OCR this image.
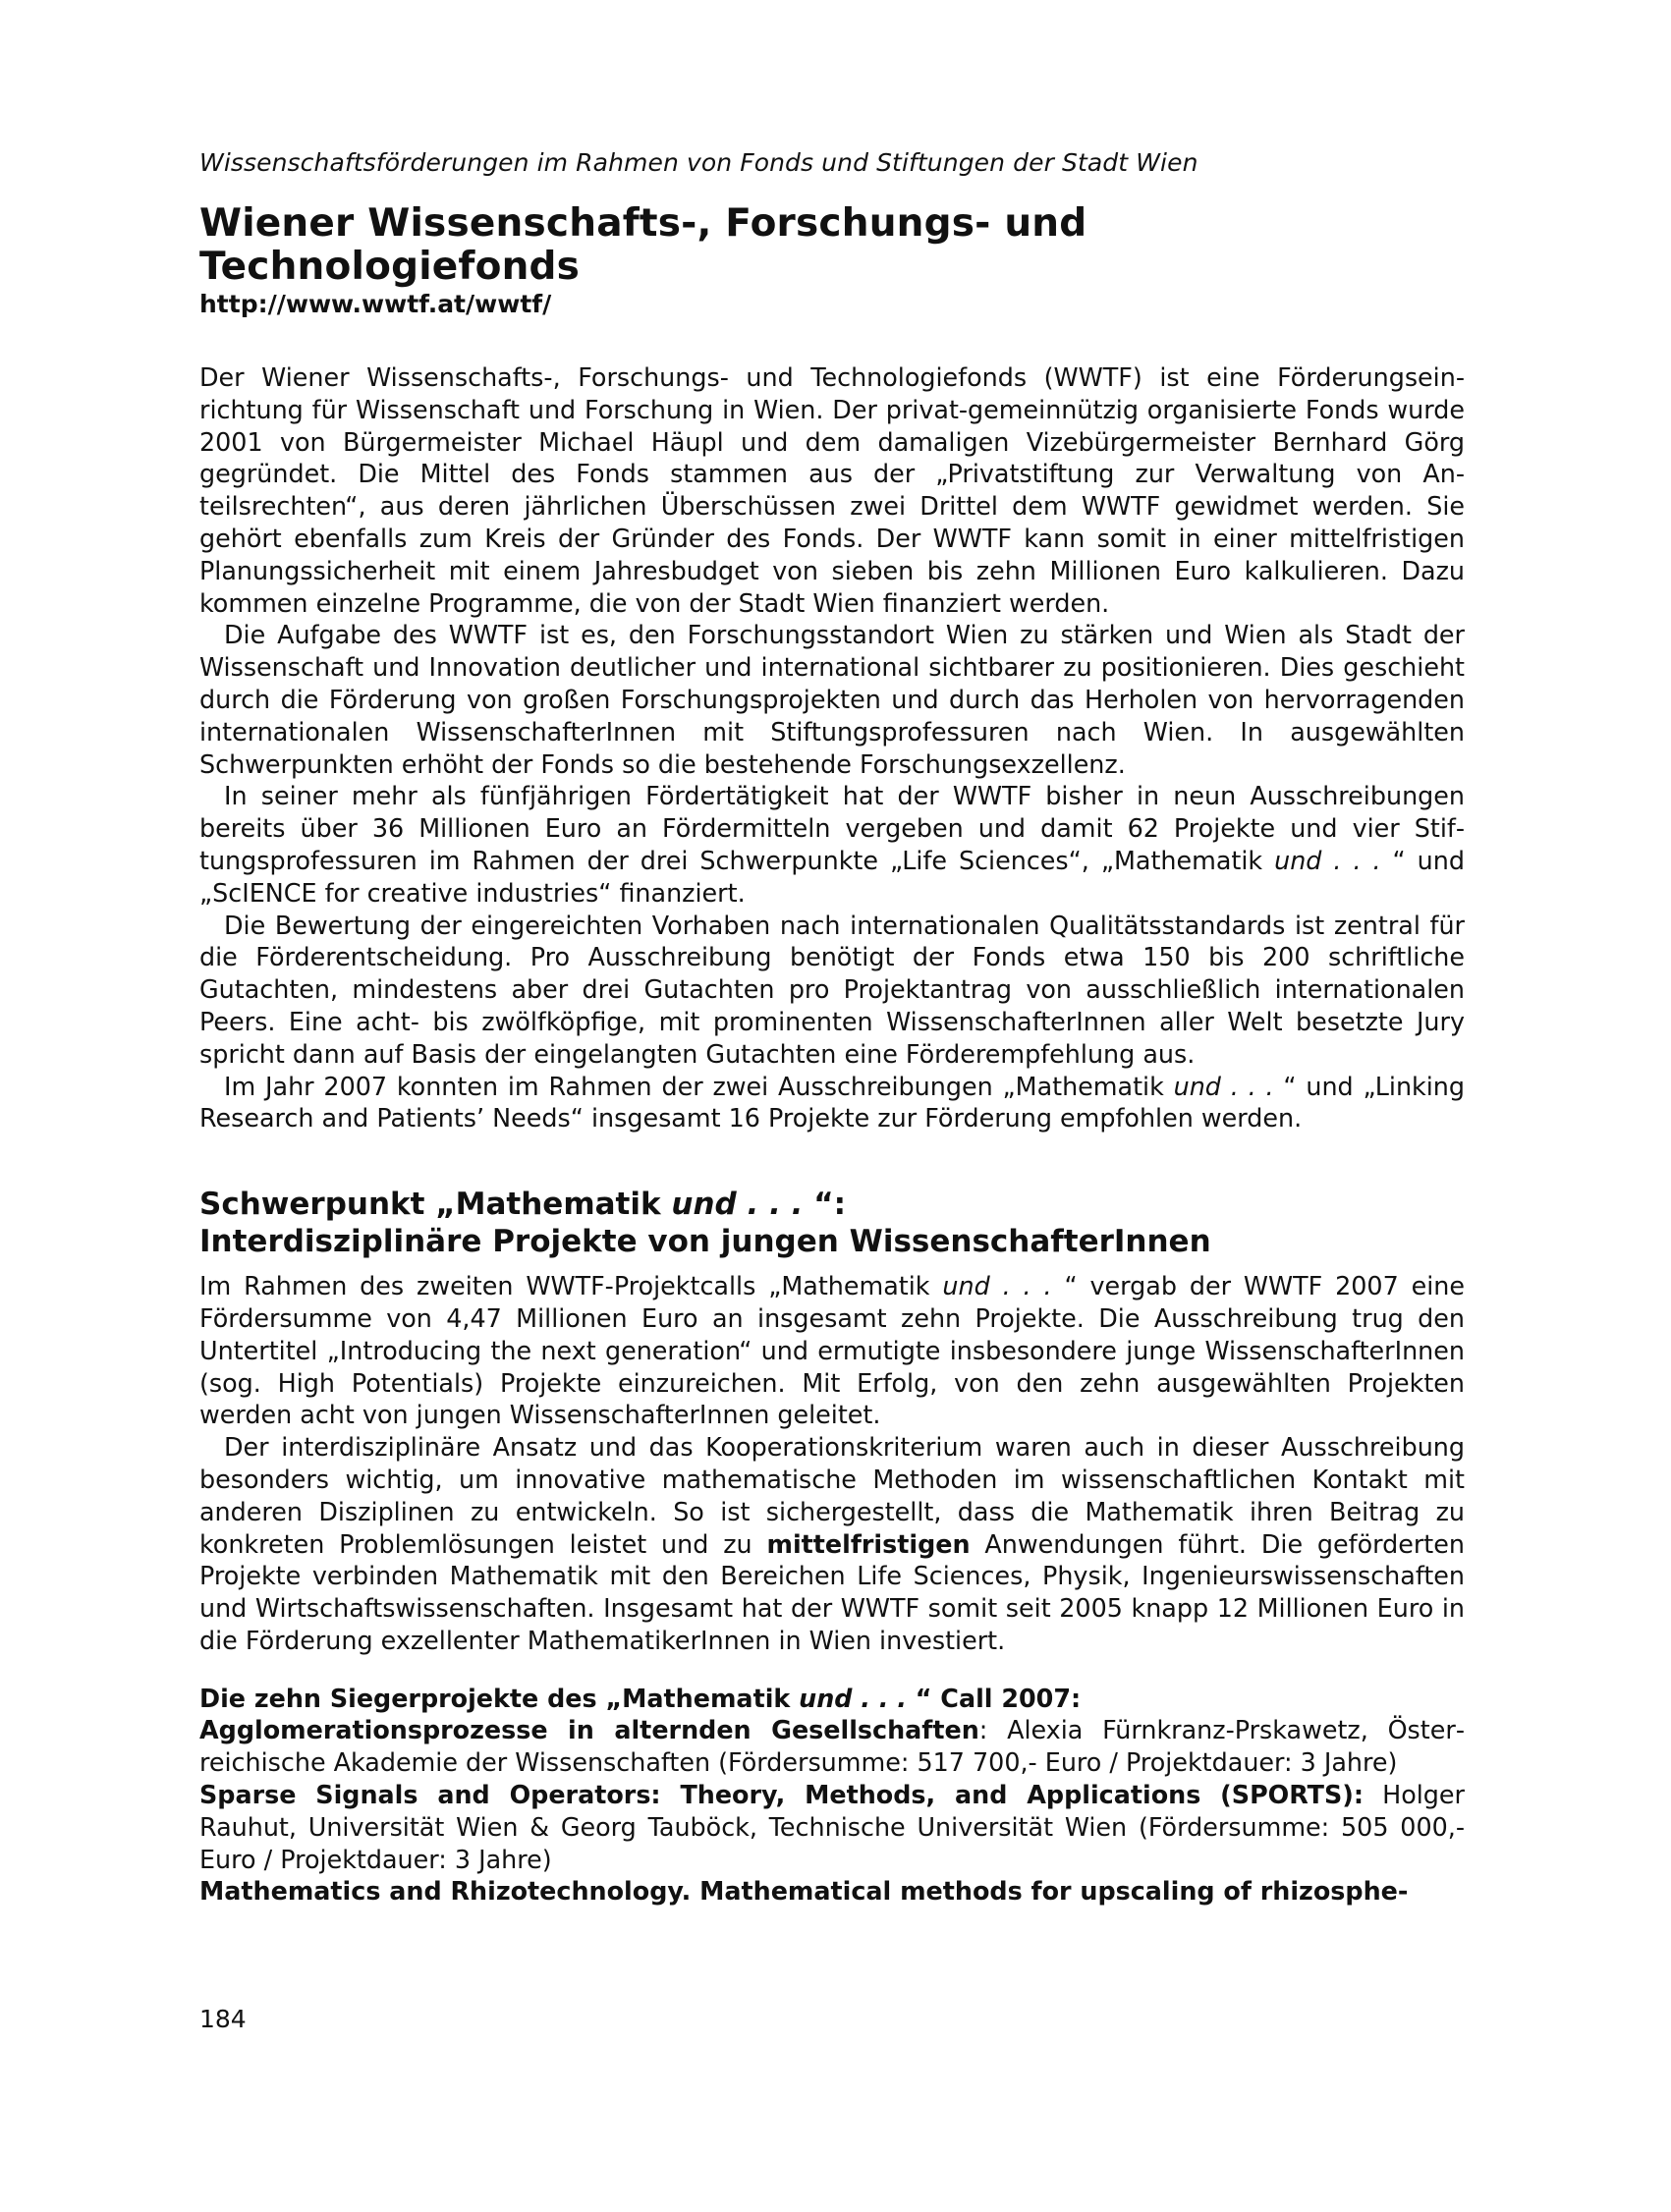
Wissenschaftsförderungen im Rahmen von Fonds und Stiftungen der Stadt Wien
Wiener Wissenschafts-, Forschungs- und Technologiefonds
http://www.wwtf.at/wwtf/

Der Wiener Wissenschafts-, Forschungs- und Technologiefonds (WWTF) ist eine Förderungseinrichtung für Wissenschaft und Forschung in Wien. Der privat-gemeinnützig organisierte Fonds wurde 2001 von Bürgermeister Michael Häupl und dem damaligen Vizebürgermeister Bernhard Görg gegründet. Die Mittel des Fonds stammen aus der „Privatstiftung zur Verwaltung von Anteilsrechten“, aus deren jährlichen Überschüssen zwei Drittel dem WWTF gewidmet werden. Sie gehört ebenfalls zum Kreis der Gründer des Fonds. Der WWTF kann somit in einer mittelfristigen Planungssicherheit mit einem Jahresbudget von sieben bis zehn Millionen Euro kalkulieren. Dazu kommen einzelne Programme, die von der Stadt Wien finanziert werden.

Die Aufgabe des WWTF ist es, den Forschungsstandort Wien zu stärken und Wien als Stadt der Wissenschaft und Innovation deutlicher und international sichtbarer zu positionieren. Dies geschieht durch die Förderung von großen Forschungsprojekten und durch das Herholen von hervorragenden internationalen WissenschafterInnen mit Stiftungsprofessuren nach Wien. In ausgewählten Schwerpunkten erhöht der Fonds so die bestehende Forschungsexzellenz.

In seiner mehr als fünfjährigen Fördertätigkeit hat der WWTF bisher in neun Ausschreibungen bereits über 36 Millionen Euro an Fördermitteln vergeben und damit 62 Projekte und vier Stiftungsprofessuren im Rahmen der drei Schwerpunkte „Life Sciences“, „Mathematik und . . . “ und „ScIENCE for creative industries“ finanziert.

Die Bewertung der eingereichten Vorhaben nach internationalen Qualitätsstandards ist zentral für die Förderentscheidung. Pro Ausschreibung benötigt der Fonds etwa 150 bis 200 schriftliche Gutachten, mindestens aber drei Gutachten pro Projektantrag von ausschließlich internationalen Peers. Eine acht- bis zwölfköpfige, mit prominenten WissenschafterInnen aller Welt besetzte Jury spricht dann auf Basis der eingelangten Gutachten eine Förderempfehlung aus.

Im Jahr 2007 konnten im Rahmen der zwei Ausschreibungen „Mathematik und . . . “ und „Linking Research and Patients’ Needs“ insgesamt 16 Projekte zur Förderung empfohlen werden.

Schwerpunkt „Mathematik und . . . “:
Interdisziplinäre Projekte von jungen WissenschafterInnen

Im Rahmen des zweiten WWTF-Projektcalls „Mathematik und . . . “ vergab der WWTF 2007 eine Fördersumme von 4,47 Millionen Euro an insgesamt zehn Projekte. Die Ausschreibung trug den Untertitel „Introducing the next generation“ und ermutigte insbesondere junge WissenschafterInnen (sog. High Potentials) Projekte einzureichen. Mit Erfolg, von den zehn ausgewählten Projekten werden acht von jungen WissenschafterInnen geleitet.

Der interdisziplinäre Ansatz und das Kooperationskriterium waren auch in dieser Ausschreibung besonders wichtig, um innovative mathematische Methoden im wissenschaftlichen Kontakt mit anderen Disziplinen zu entwickeln. So ist sichergestellt, dass die Mathematik ihren Beitrag zu konkreten Problemlösungen leistet und zu mittelfristigen Anwendungen führt. Die geförderten Projekte verbinden Mathematik mit den Bereichen Life Sciences, Physik, Ingenieurswissenschaften und Wirtschaftswissenschaften. Insgesamt hat der WWTF somit seit 2005 knapp 12 Millionen Euro in die Förderung exzellenter MathematikerInnen in Wien investiert.

Die zehn Siegerprojekte des „Mathematik und . . . “ Call 2007:

Agglomerationsprozesse in alternden Gesellschaften: Alexia Fürnkranz-Prskawetz, Österreichische Akademie der Wissenschaften (Fördersumme: 517 700,- Euro / Projektdauer: 3 Jahre)

Sparse Signals and Operators: Theory, Methods, and Applications (SPORTS): Holger Rauhut, Universität Wien & Georg Tauböck, Technische Universität Wien (Fördersumme: 505 000,- Euro / Projektdauer: 3 Jahre)

Mathematics and Rhizotechnology. Mathematical methods for upscaling of rhizosphe-

184
